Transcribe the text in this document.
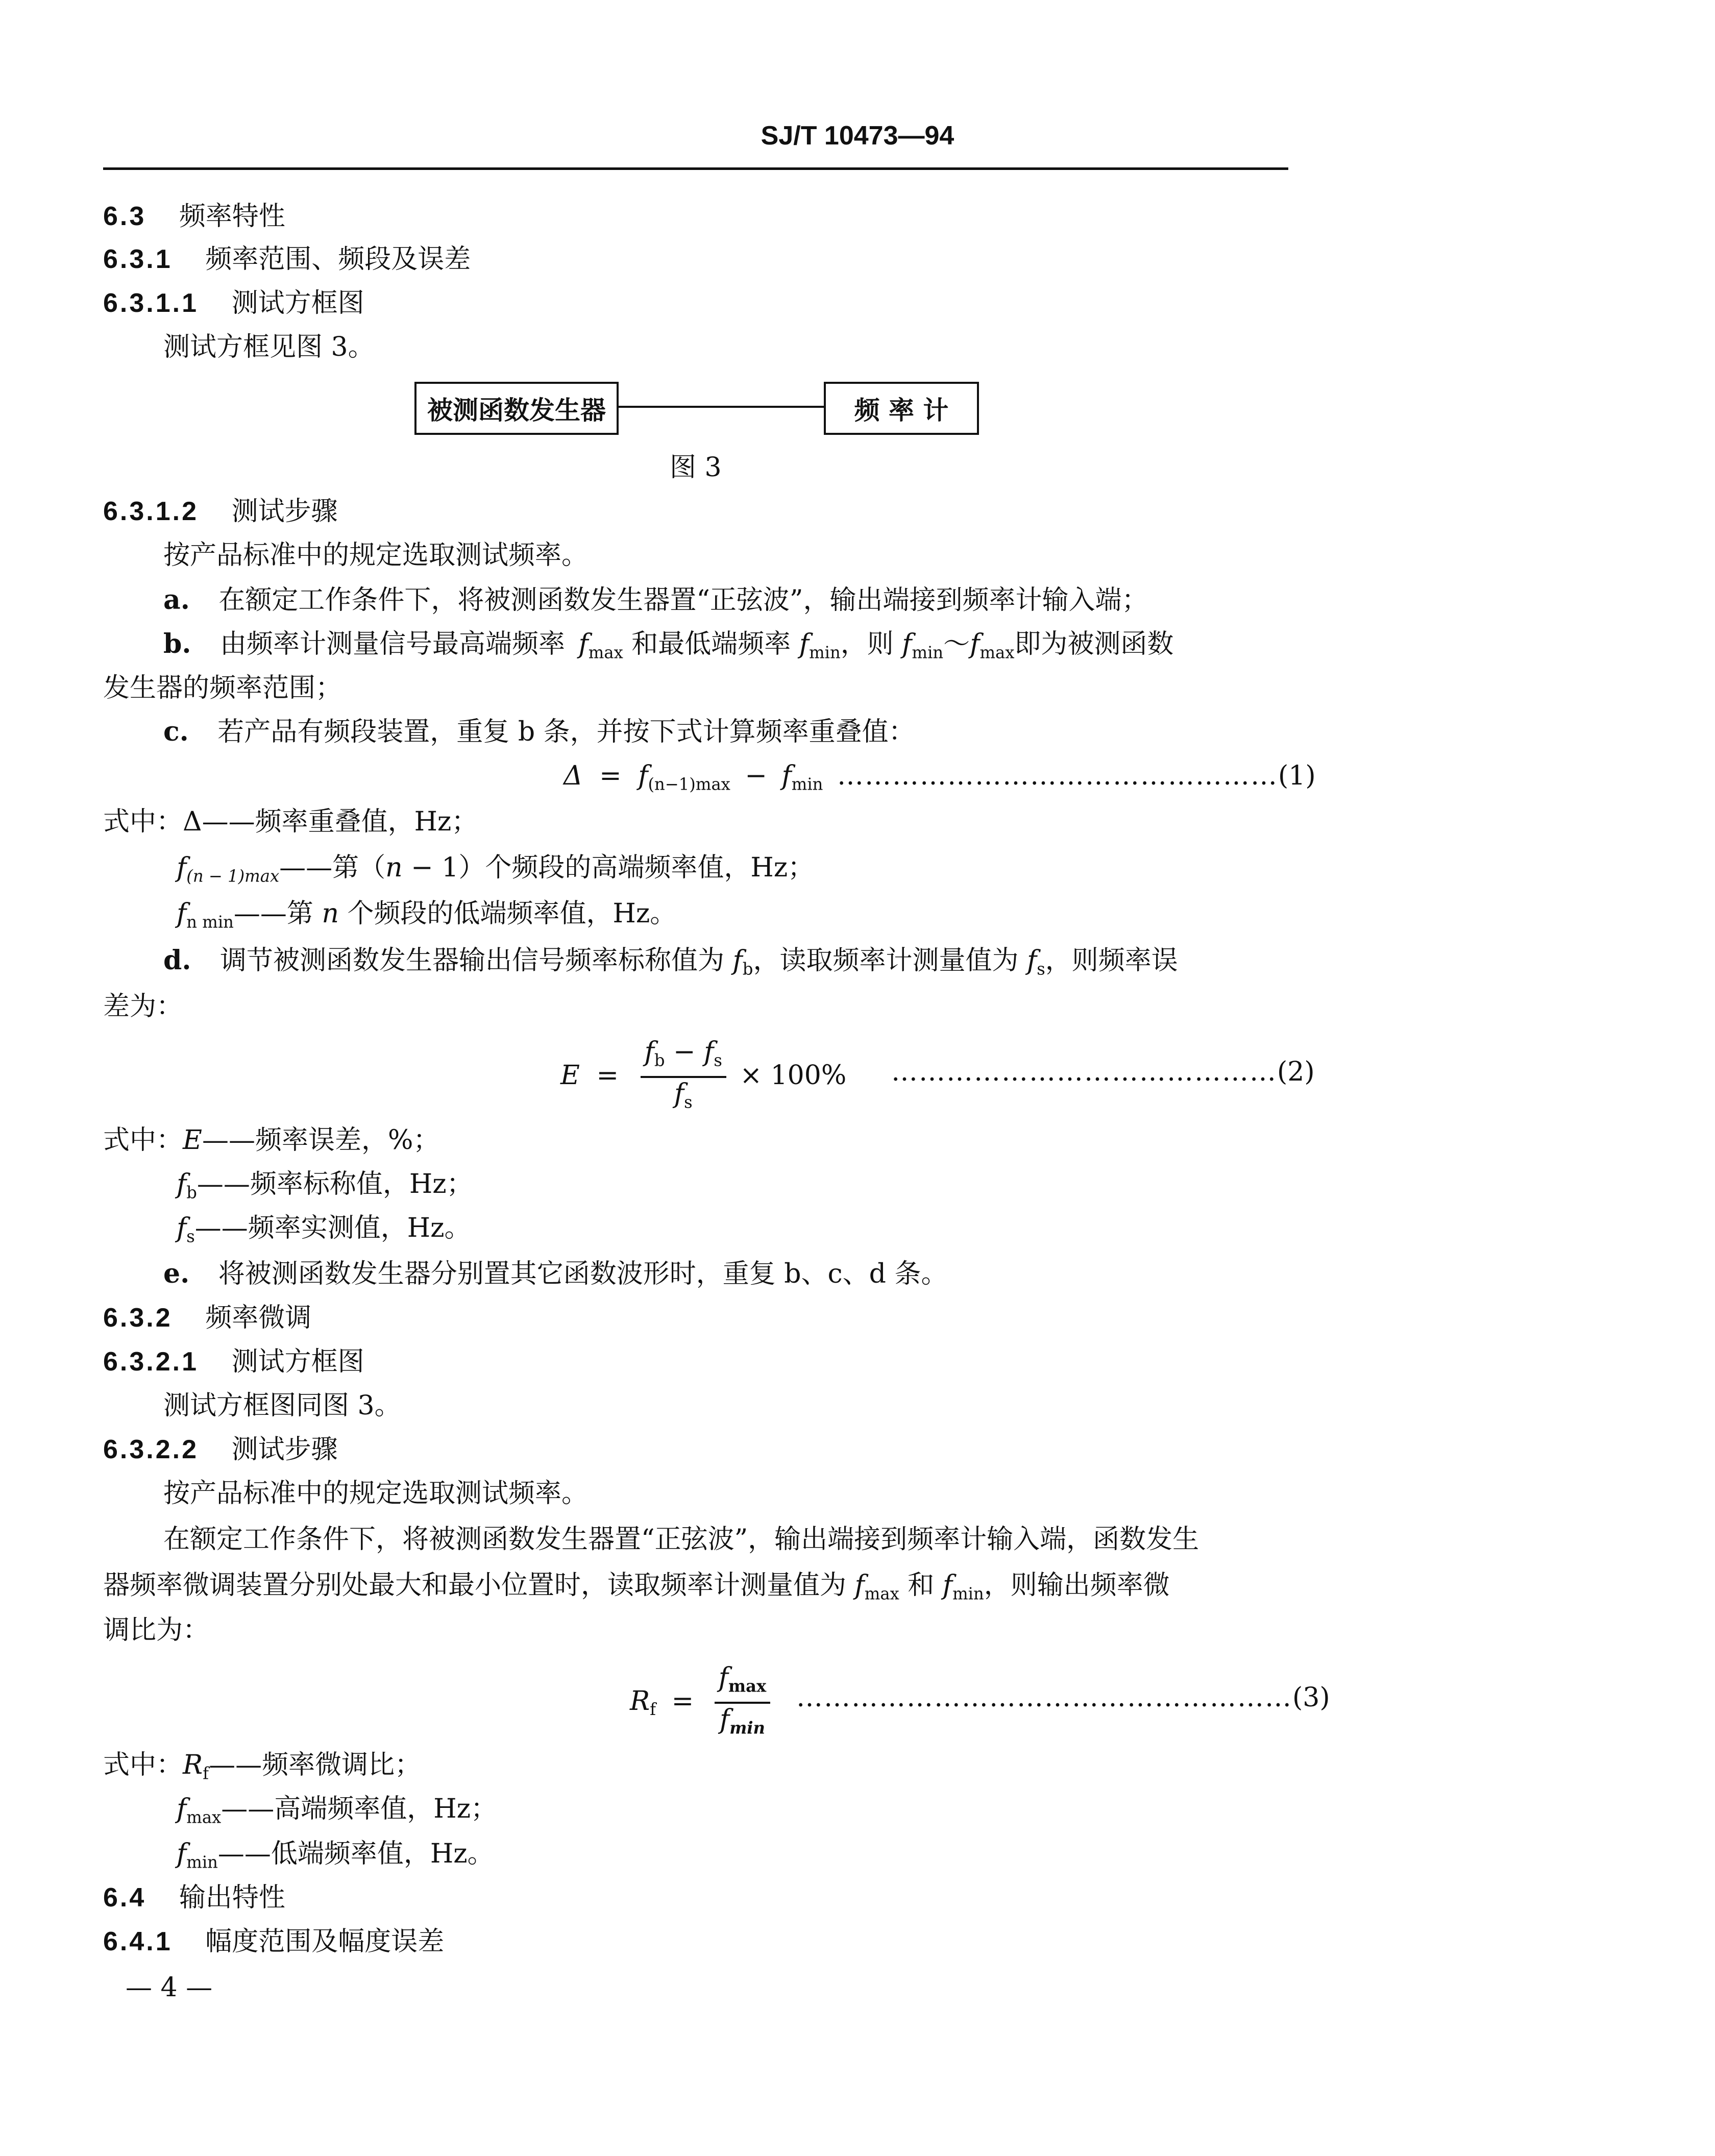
SJ/T 10473—94
6.3 频率特性
6.3.1 频率范围、频段及误差
6.3.1.1 测试方框图
测试方框见图 3。
被测函数发生器	频 率 计
图 3
6.3.1.2 测试步骤
按产品标准中的规定选取测试频率。
a. 在额定工作条件下，将被测函数发生器置“正弦波”，输出端接到频率计输入端；
b. 由频率计测量信号最高端频率 $f_{max}$ 和最低端频率 $f_{min}$，则 $f_{min}\sim f_{max}$即为被测函数
发生器的频率范围；
c. 若产品有频段装置，重复 b 条，并按下式计算频率重叠值：
$\Delta = f_{(n-1)max} - f_{min}$ …………………………………………(1)
式中：Δ——频率重叠值，Hz；
$f_{(n - 1)max}——$第（n − 1）个频段的高端频率值，Hz；
$f_{n min}——$第 n 个频段的低端频率值，Hz。
d. 调节被测函数发生器输出信号频率标称值为 $f_b$，读取频率计测量值为 $f_s$，则频率误
差为：
$E = \frac{f_b - f_s}{f_s} \times 100\%$ ……………………………………(2)
式中：E——频率误差，%；
$f_b——$频率标称值，Hz；
$f_s——$频率实测值，Hz。
e. 将被测函数发生器分别置其它函数波形时，重复 b、c、d 条。
6.3.2 频率微调
6.3.2.1 测试方框图
测试方框图同图 3。
6.3.2.2 测试步骤
按产品标准中的规定选取测试频率。
在额定工作条件下，将被测函数发生器置“正弦波”，输出端接到频率计输入端，函数发生
器频率微调装置分别处最大和最小位置时，读取频率计测量值为 $f_{max}$ 和 $f_{min}$，则输出频率微
调比为：
$R_f = \frac{f_{max}}{f_{min}}$ ………………………………………………(3)
式中：$R_f——$频率微调比；
$f_{max}——$高端频率值，Hz；
$f_{min}——$低端频率值，Hz。
6.4 输出特性
6.4.1 幅度范围及幅度误差
— 4 —
